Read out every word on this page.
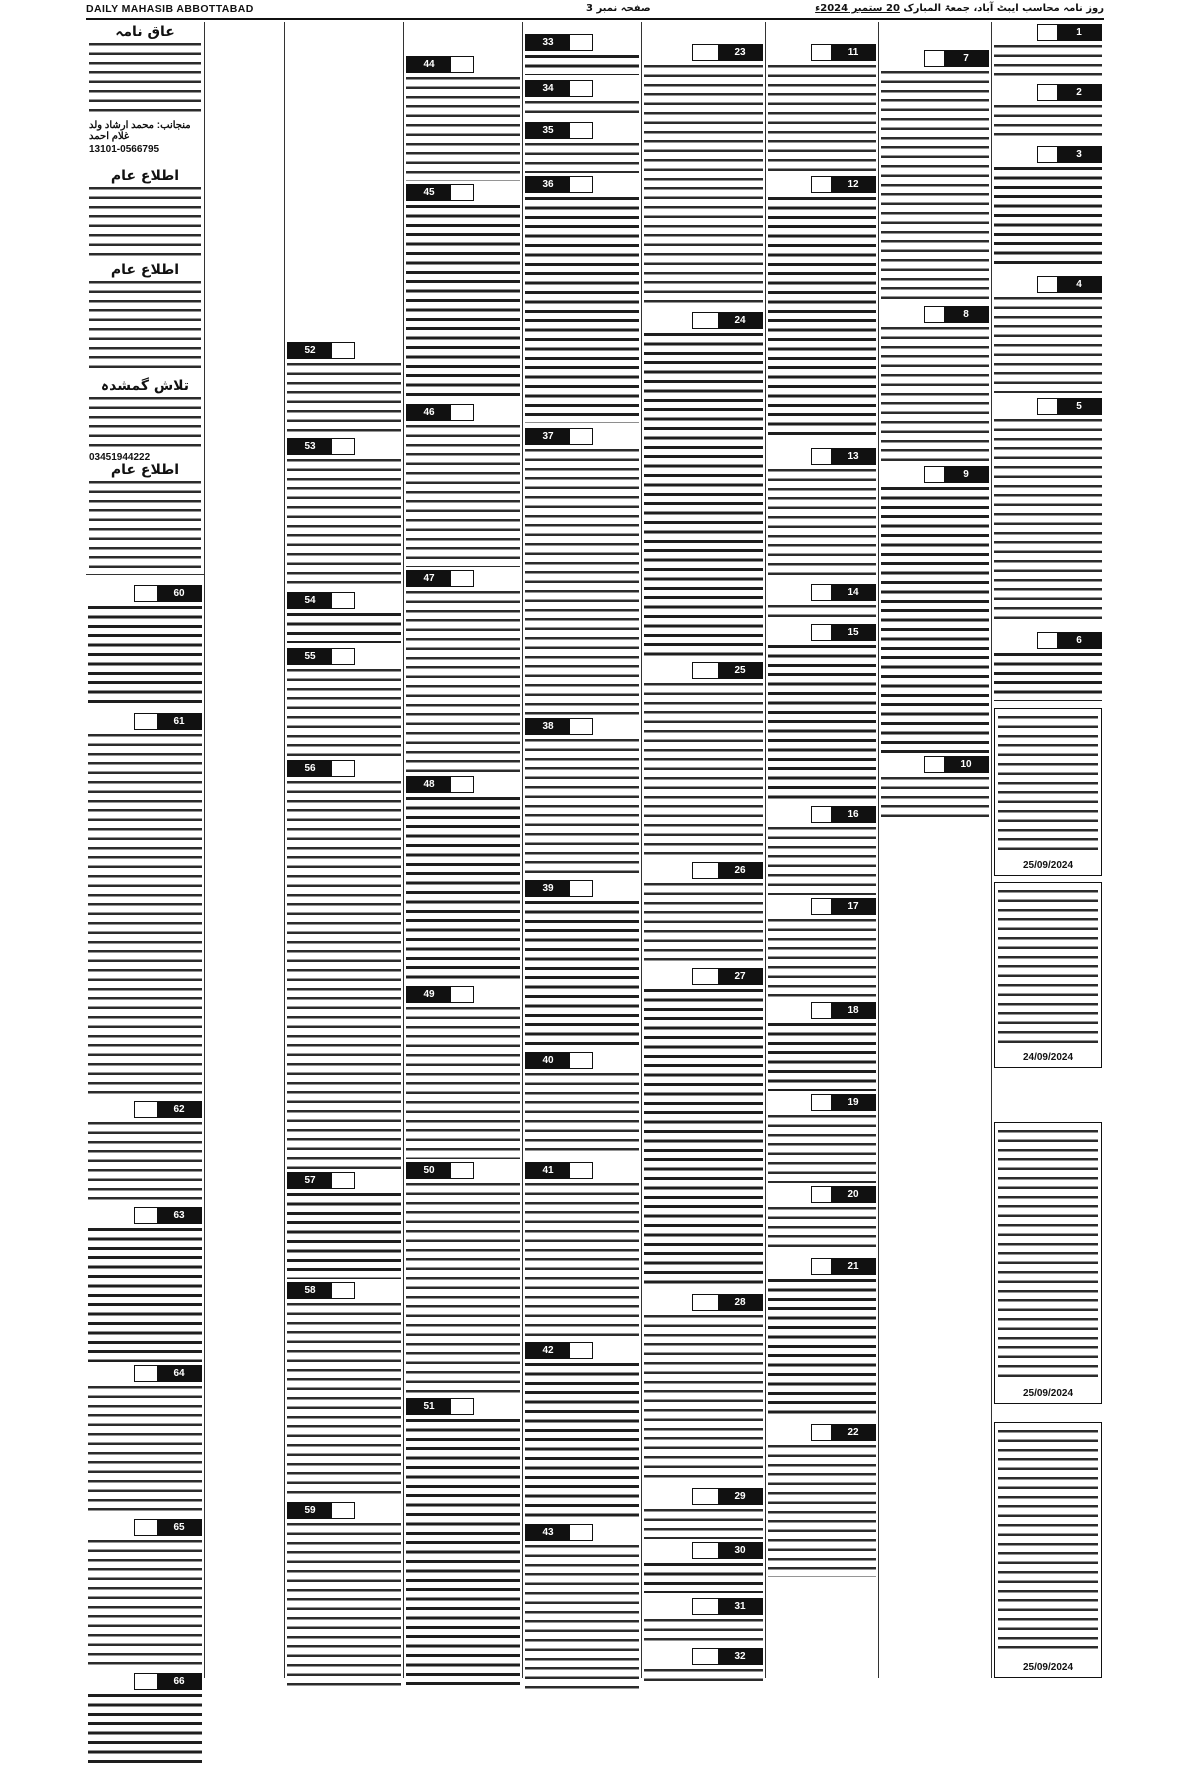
DAILY MAHASIB ABBOTTABAD	صفحہ نمبر 3	روز نامہ محاسب ایبٹ آباد، جمعۃ المبارک 20 ستمبر 2024ء
1
2
3
4
5
6
25/09/2024
24/09/2024
25/09/2024
25/09/2024
7
8
9
10
11
12
13
14
15
16
17
18
19
20
21
22
23
24
25
26
27
28
29
30
31
32
33
34
35
36
37
38
39
40
41
42
43
44
45
46
47
48
49
50
51
52
53
54
55
56
57
58
59
60
61
62
63
64
65
66
عاق نامہ
منجانب: محمد ارشاد ولد غلام احمد
13101-0566795
اطلاع عام
اطلاع عام
تلاش گمشدہ
03451944222
اطلاع عام
